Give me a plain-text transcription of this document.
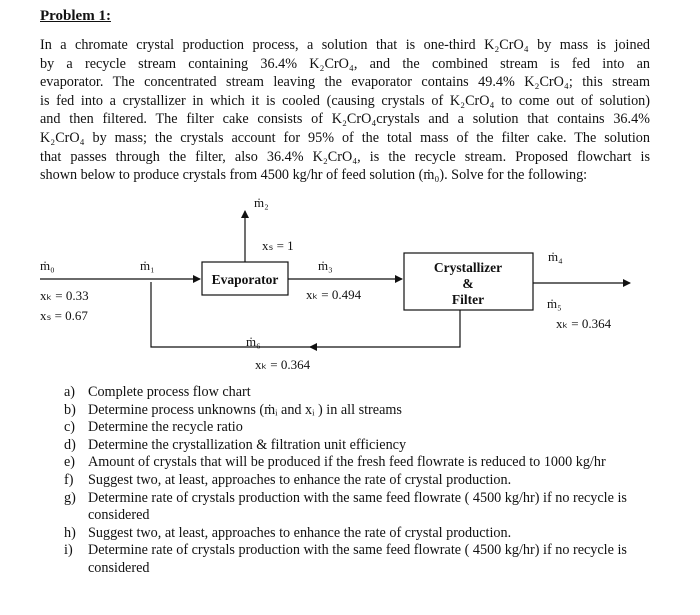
Problem 1:
In a chromate crystal production process, a solution that is one-third K₂CrO₄ by mass is joined
by a recycle stream containing 36.4% K₂CrO₄, and the combined stream is fed into an
evaporator. The concentrated stream leaving the evaporator contains 49.4% K₂CrO₄; this stream
is fed into a crystallizer in which it is cooled (causing crystals of K₂CrO₄ to come out of solution)
and then filtered. The filter cake consists of K₂CrO₄crystals and a solution that contains 36.4%
K₂CrO₄ by mass; the crystals account for 95% of the total mass of the filter cake. The solution
that passes through the filter, also 36.4% K₂CrO₄, is the recycle stream. Proposed flowchart is
shown below to produce crystals from 4500 kg/hr of feed solution (ṁ₀). Solve for the following:
Evaporator
Crystallizer
&
Filter
ṁ₂
xₛ = 1
ṁ₀	ṁ₁	ṁ₃
ṁ₄
xₖ = 0.33
xₛ = 0.67
xₖ = 0.494
ṁ₅
xₖ = 0.364
ṁ₆
xₖ = 0.364
a) Complete process flow chart
b) Determine process unknowns (ṁᵢ and xᵢ ) in all streams
c) Determine the recycle ratio
d) Determine the crystallization & filtration unit efficiency
e) Amount of crystals that will be produced if the fresh feed flowrate is reduced to 1000 kg/hr
f) Suggest two, at least, approaches to enhance the rate of crystal production.
g) Determine rate of crystals production with the same feed flowrate ( 4500 kg/hr) if no recycle is considered
h) Suggest two, at least, approaches to enhance the rate of crystal production.
i) Determine rate of crystals production with the same feed flowrate ( 4500 kg/hr) if no recycle is considered
